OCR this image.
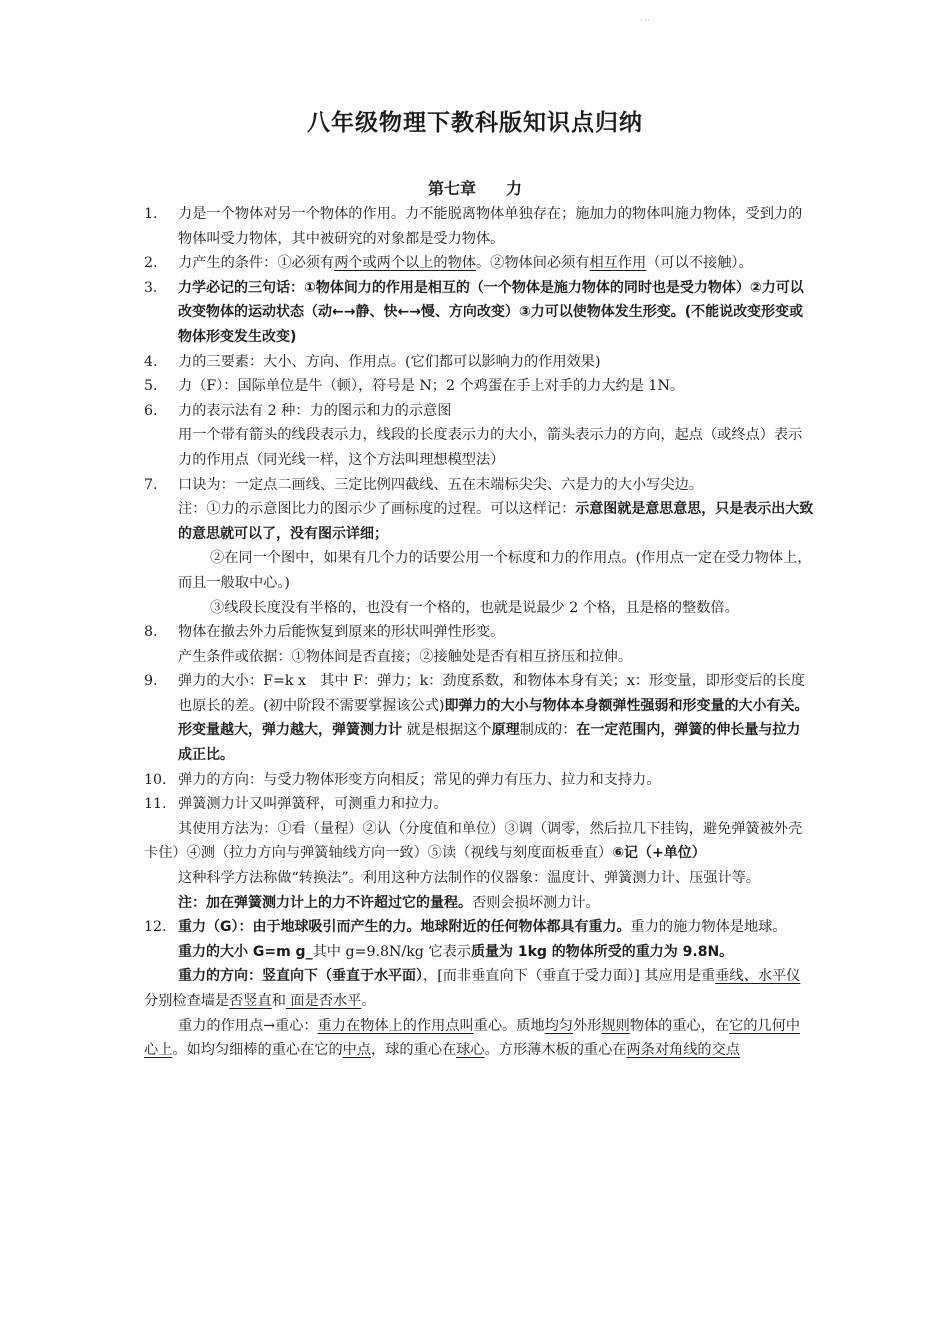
· ··
八年级物理下教科版知识点归纳
第七章 力
1.	力是一个物体对另一个物体的作用。力不能脱离物体单独存在；施加力的物体叫施力物体，受到力的物体叫受力物体，其中被研究的对象都是受力物体。
2.	力产生的条件：①必须有两个或两个以上的物体。②物体间必须有相互作用（可以不接触）。
3.	力学必记的三句话：①物体间力的作用是相互的（一个物体是施力物体的同时也是受力物体）②力可以改变物体的运动状态（动←→静、快←→慢、方向改变）③力可以使物体发生形变。(不能说改变形变或物体形变发生改变)
4.	力的三要素：大小、方向、作用点。(它们都可以影响力的作用效果)
5.	力（F）：国际单位是牛（顿），符号是 N；2 个鸡蛋在手上对手的力大约是 1N。
6.	力的表示法有 2 种：力的图示和力的示意图
用一个带有箭头的线段表示力，线段的长度表示力的大小，箭头表示力的方向，起点（或终点）表示力的作用点（同光线一样，这个方法叫理想模型法）
7.	口诀为：一定点二画线、三定比例四截线、五在末端标尖尖、六是力的大小写尖边。
注：①力的示意图比力的图示少了画标度的过程。可以这样记：示意图就是意思意思，只是表示出大致的意思就可以了，没有图示详细；
②在同一个图中，如果有几个力的话要公用一个标度和力的作用点。(作用点一定在受力物体上，而且一般取中心。)
③线段长度没有半格的，也没有一个格的，也就是说最少 2 个格，且是格的整数倍。
8.	物体在撤去外力后能恢复到原来的形状叫弹性形变。
产生条件或依据：①物体间是否直接；②接触处是否有相互挤压和拉伸。
9.	弹力的大小：F=k x　其中 F：弹力；k：劲度系数，和物体本身有关；x：形变量，即形变后的长度也原长的差。(初中阶段不需要掌握该公式)即弹力的大小与物体本身额弹性强弱和形变量的大小有关。形变量越大，弹力越大，弹簧测力计 就是根据这个原理制成的：在一定范围内，弹簧的伸长量与拉力成正比。
10. 弹力的方向：与受力物体形变方向相反；常见的弹力有压力、拉力和支持力。
11. 弹簧测力计又叫弹簧秤，可测重力和拉力。
其使用方法为：①看（量程）②认（分度值和单位）③调（调零，然后拉几下挂钩，避免弹簧被外壳卡住）④测（拉力方向与弹簧轴线方向一致）⑤读（视线与刻度面板垂直）⑥记（+单位）
这种科学方法称做“转换法”。利用这种方法制作的仪器象：温度计、弹簧测力计、压强计等。
注：加在弹簧测力计上的力不许超过它的量程。否则会损坏测力计。
12. 重力（G）：由于地球吸引而产生的力。地球附近的任何物体都具有重力。重力的施力物体是地球。
重力的大小 G=m g_其中 g=9.8N/kg 它表示质量为 1kg 的物体所受的重力为 9.8N。
重力的方向：竖直向下（垂直于水平面），[而非垂直向下（垂直于受力面）] 其应用是重垂线、水平仪分别检查墙是否竖直和 面是否水平。
重力的作用点→重心：重力在物体上的作用点叫重心。质地均匀外形规则物体的重心，在它的几何中心上。如均匀细棒的重心在它的中点，球的重心在球心。方形薄木板的重心在两条对角线的交点
